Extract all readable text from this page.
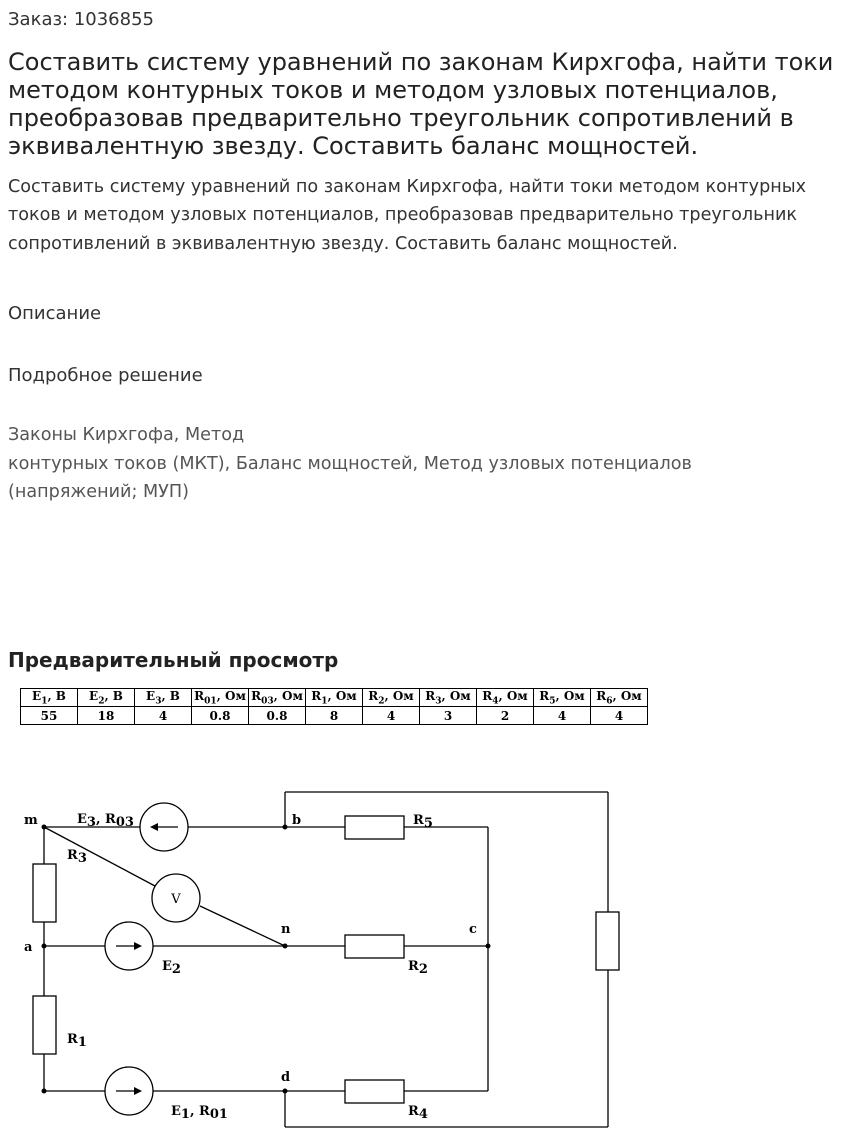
Заказ: 1036855
Составить систему уравнений по законам Кирхгофа, найти токи методом контурных токов и методом узловых потенциалов, преобразовав предварительно треугольник сопротивлений в эквивалентную звезду. Составить баланс мощностей.

Составить систему уравнений по законам Кирхгофа, найти токи методом контурных токов и методом узловых потенциалов, преобразовав предварительно треугольник сопротивлений в эквивалентную звезду. Составить баланс мощностей.

Описание
Подробное решение
Законы Кирхгофа, Метод
контурных токов (МКТ), Баланс мощностей, Метод узловых потенциалов
(напряжений; МУП)
Предварительный просмотр
$E_1$, В	$E_2$, В	$E_3$, В	$R_{01}$, Ом	$R_{03}$, Ом	$R_1$, Ом	$R_2$, Ом	$R_3$, Ом	$R_4$, Ом	$R_5$, Ом	$R_6$, Ом
55	18	4	0.8	0.8	8	4	3	2	4	4
V
m
a
b
n	c
d
E3, R03
R3
E2
R1
R5
R2
R4
E1, R01
